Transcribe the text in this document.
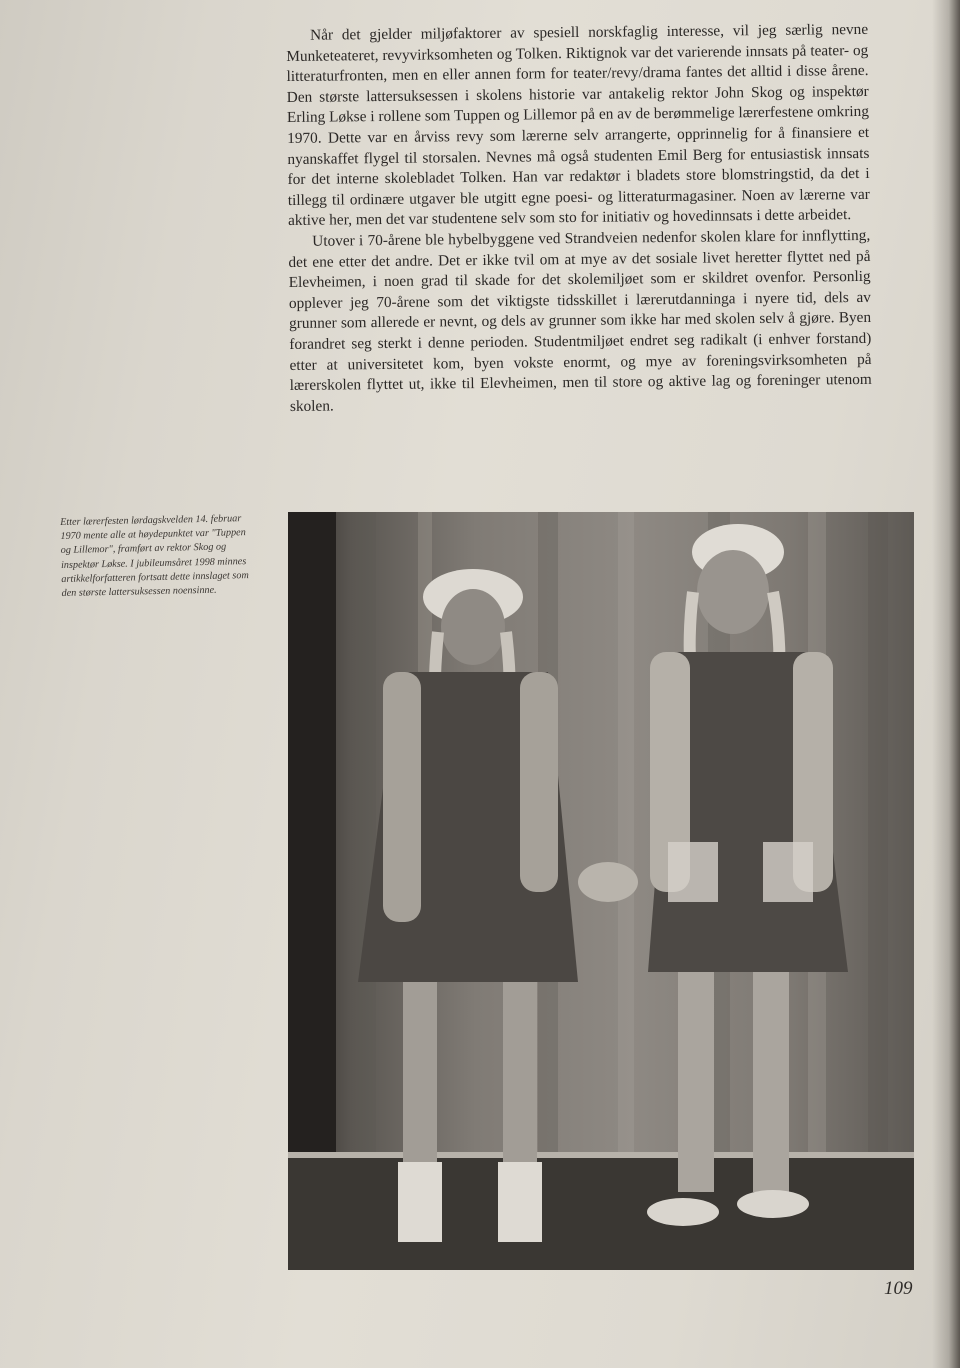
Når det gjelder miljøfaktorer av spesiell norskfaglig interesse, vil jeg særlig nevne Munketeateret, revyvirksomheten og Tolken. Riktignok var det varierende innsats på teater- og litteraturfronten, men en eller annen form for teater/revy/drama fantes det alltid i disse årene. Den største lattersuksessen i skolens historie var antakelig rektor John Skog og inspektør Erling Løkse i rollene som Tuppen og Lillemor på en av de berømmelige lærerfestene omkring 1970. Dette var en årviss revy som lærerne selv arrangerte, opprinnelig for å finansiere et nyanskaffet flygel til storsalen. Nevnes må også studenten Emil Berg for entusiastisk innsats for det interne skolebladet Tolken. Han var redaktør i bladets store blomstringstid, da det i tillegg til ordinære utgaver ble utgitt egne poesi- og litteraturmagasiner. Noen av lærerne var aktive her, men det var studentene selv som sto for initiativ og hovedinnsats i dette arbeidet.

Utover i 70-årene ble hybelbyggene ved Strandveien nedenfor skolen klare for innflytting, det ene etter det andre. Det er ikke tvil om at mye av det sosiale livet heretter flyttet ned på Elevheimen, i noen grad til skade for det skolemiljøet som er skildret ovenfor. Personlig opplever jeg 70-årene som det viktigste tidsskillet i lærerutdanninga i nyere tid, dels av grunner som allerede er nevnt, og dels av grunner som ikke har med skolen selv å gjøre. Byen forandret seg sterkt i denne perioden. Studentmiljøet endret seg radikalt (i enhver forstand) etter at universitetet kom, byen vokste enormt, og mye av foreningsvirksomheten på lærerskolen flyttet ut, ikke til Elevheimen, men til store og aktive lag og foreninger utenom skolen.

Etter lærerfesten lørdagskvelden 14. februar 1970 mente alle at høydepunktet var "Tuppen og Lillemor", framført av rektor Skog og inspektør Løkse. I jubileumsåret 1998 minnes artikkelforfatteren fortsatt dette innslaget som den største lattersuksessen noensinne.
109
